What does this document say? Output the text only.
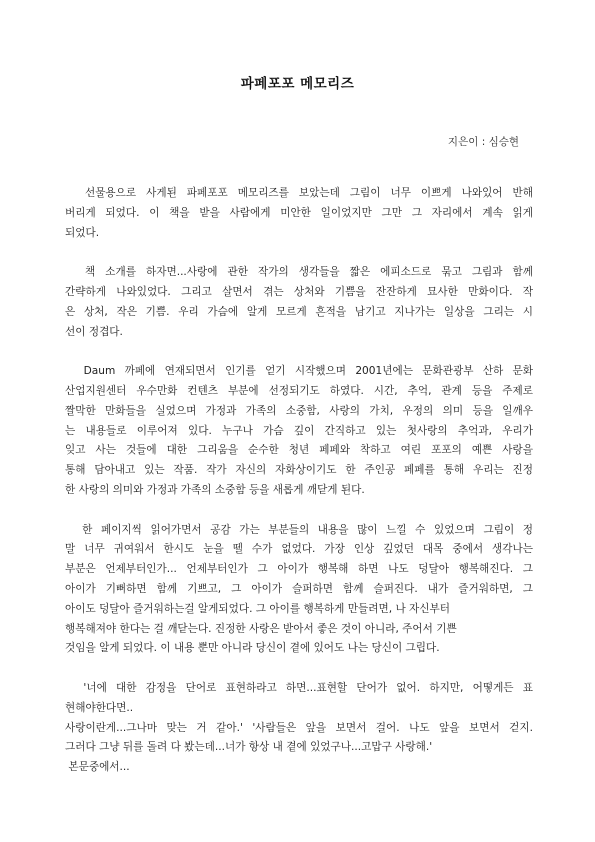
파페포포 메모리즈
지은이 : 심승현
선물용으로 사게된 파페포포 메모리즈를 보았는데 그림이 너무 이쁘게 나와있어 반해
버리게 되었다. 이 책을 받을 사람에게 미안한 일이었지만 그만 그 자리에서 계속 읽게
되었다.
책 소개를 하자면...사랑에 관한 작가의 생각들을 짧은 에피소드로 묶고 그림과 함께
간략하게 나와있었다. 그리고 살면서 겪는 상처와 기쁨을 잔잔하게 묘사한 만화이다. 작
은 상처, 작은 기쁨. 우리 가슴에 알게 모르게 흔적을 남기고 지나가는 일상을 그리는 시
선이 정겹다.
Daum 까페에 연재되면서 인기를 얻기 시작했으며 2001년에는 문화관광부 산하 문화
산업지원센터 우수만화 컨텐츠 부분에 선정되기도 하였다. 시간, 추억, 관계 등을 주제로
짤막한 만화들을 실었으며 가정과 가족의 소중함, 사랑의 가치, 우정의 의미 등을 일깨우
는 내용들로 이루어져 있다. 누구나 가슴 깊이 간직하고 있는 첫사랑의 추억과, 우리가
잊고 사는 것들에 대한 그리움을 순수한 청년 페페와 착하고 여린 포포의 예쁜 사랑을
통해 담아내고 있는 작품. 작가 자신의 자화상이기도 한 주인공 페페를 통해 우리는 진정
한 사랑의 의미와 가정과 가족의 소중함 등을 새롭게 깨닫게 된다.
한 페이지씩 읽어가면서 공감 가는 부분들의 내용을 많이 느낄 수 있었으며 그림이 정
말 너무 귀여워서 한시도 눈을 뗄 수가 없었다. 가장 인상 깊었던 대목 중에서 생각나는
부분은 언제부터인가... 언제부터인가 그 아이가 행복해 하면 나도 덩달아 행복해진다. 그
아이가 기뻐하면 함께 기쁘고, 그 아이가 슬퍼하면 함께 슬퍼진다. 내가 즐거워하면, 그
아이도 덩달아 즐거워하는걸 알게되었다. 그 아이를 행복하게 만들려면, 나 자신부터
행복해져야 한다는 걸 깨닫는다. 진정한 사랑은 받아서 좋은 것이 아니라, 주어서 기쁜
것임을 알게 되었다. 이 내용 뿐만 아니라 당신이 곁에 있어도 나는 당신이 그립다.
'너에 대한 감정을 단어로 표현하라고 하면...표현할 단어가 없어. 하지만, 어떻게든 표
현해야한다면..
사랑이란게...그나마 맞는 거 같아.' '사람들은 앞을 보면서 걸어. 나도 앞을 보면서 걷지.
그러다 그냥 뒤를 돌려 다 봤는데...너가 항상 내 곁에 있었구나...고맙구 사랑해.'
본문중에서...
